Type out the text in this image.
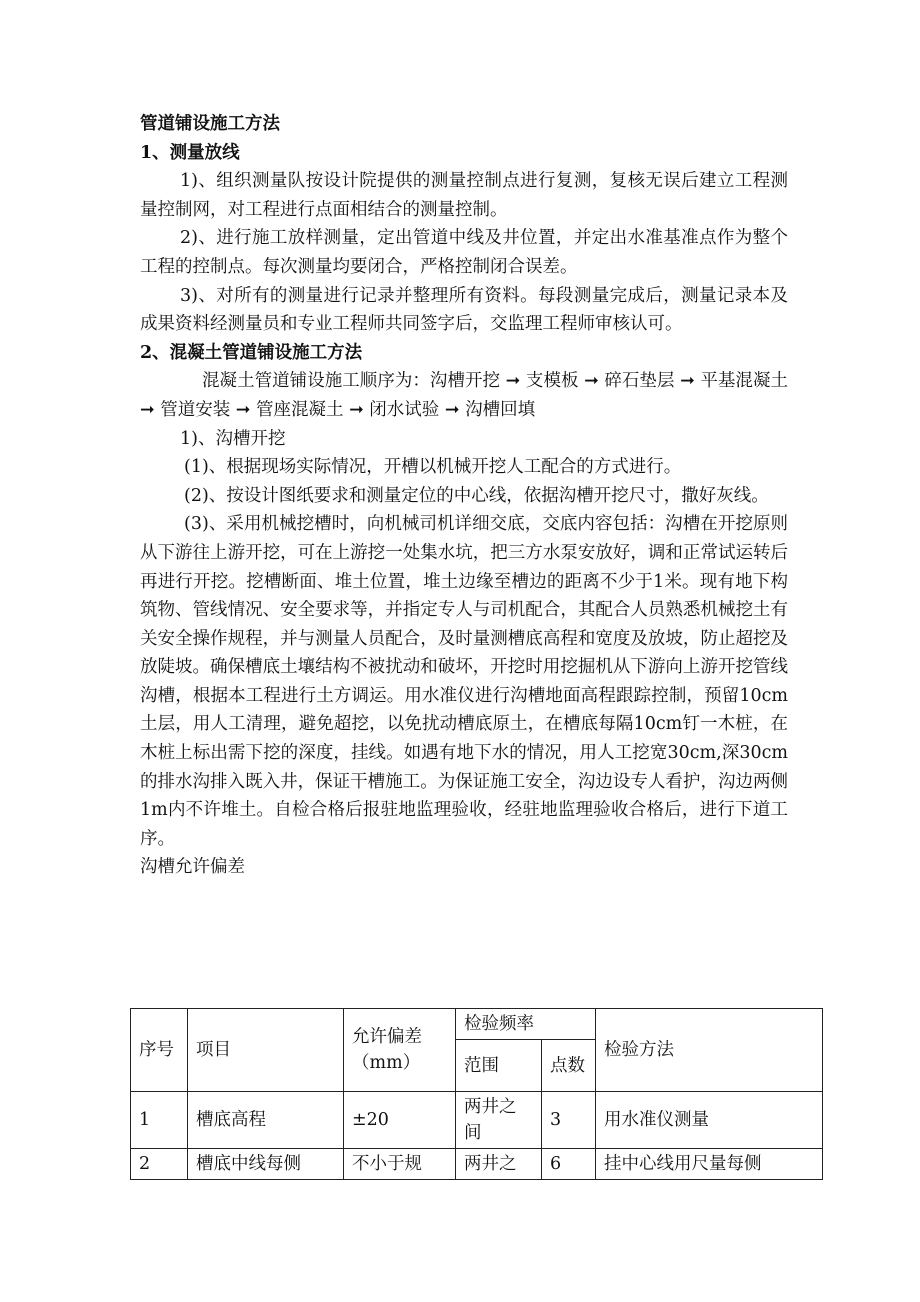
管道铺设施工方法

1、测量放线

1)、组织测量队按设计院提供的测量控制点进行复测，复核无误后建立工程测量控制网，对工程进行点面相结合的测量控制。

2)、进行施工放样测量，定出管道中线及井位置，并定出水准基准点作为整个工程的控制点。每次测量均要闭合，严格控制闭合误差。

3)、对所有的测量进行记录并整理所有资料。每段测量完成后，测量记录本及成果资料经测量员和专业工程师共同签字后，交监理工程师审核认可。

2、混凝土管道铺设施工方法

混凝土管道铺设施工顺序为：沟槽开挖 ➞ 支模板 ➞ 碎石垫层 ➞ 平基混凝土 ➞ 管道安装 ➞ 管座混凝土 ➞ 闭水试验 ➞ 沟槽回填

1)、沟槽开挖

(1)、根据现场实际情况，开槽以机械开挖人工配合的方式进行。

(2)、按设计图纸要求和测量定位的中心线，依据沟槽开挖尺寸，撒好灰线。

(3)、采用机械挖槽时，向机械司机详细交底，交底内容包括：沟槽在开挖原则从下游往上游开挖，可在上游挖一处集水坑，把三方水泵安放好，调和正常试运转后再进行开挖。挖槽断面、堆土位置，堆土边缘至槽边的距离不少于1米。现有地下构筑物、管线情况、安全要求等，并指定专人与司机配合，其配合人员熟悉机械挖土有关安全操作规程，并与测量人员配合，及时量测槽底高程和宽度及放坡，防止超挖及放陡坡。确保槽底土壤结构不被扰动和破坏，开挖时用挖掘机从下游向上游开挖管线沟槽，根据本工程进行土方调运。用水准仪进行沟槽地面高程跟踪控制，预留10cm土层，用人工清理，避免超挖，以免扰动槽底原土，在槽底每隔10cm钉一木桩，在木桩上标出需下挖的深度，挂线。如遇有地下水的情况，用人工挖宽30cm,深30cm的排水沟排入既入井，保证干槽施工。为保证施工安全，沟边设专人看护，沟边两侧1m内不许堆土。自检合格后报驻地监理验收，经驻地监理验收合格后，进行下道工序。

沟槽允许偏差

序号	项目	允许偏差（mm）	检验频率		检验方法
			范围	点数	
1	槽底高程	±20	两井之间	3	用水准仪测量
2	槽底中线每侧	不小于规	两井之	6	挂中心线用尺量每侧
